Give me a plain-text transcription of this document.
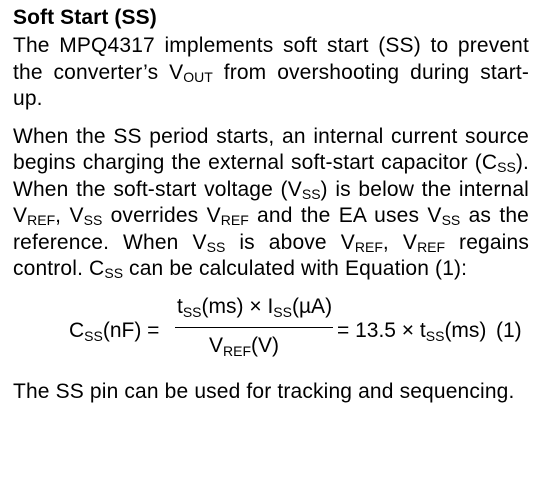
Soft Start (SS)

The MPQ4317 implements soft start (SS) to prevent the converter’s VOUT from overshooting during start-up.

When the SS period starts, an internal current source begins charging the external soft-start capacitor (CSS). When the soft-start voltage (VSS) is below the internal VREF, VSS overrides VREF and the EA uses VSS as the reference. When VSS is above VREF, VREF regains control. CSS can be calculated with Equation (1):

CSS(nF) =
tSS(ms) × ISS(µA)
VREF(V)
= 13.5 × tSS(ms) (1)

The SS pin can be used for tracking and sequencing.
